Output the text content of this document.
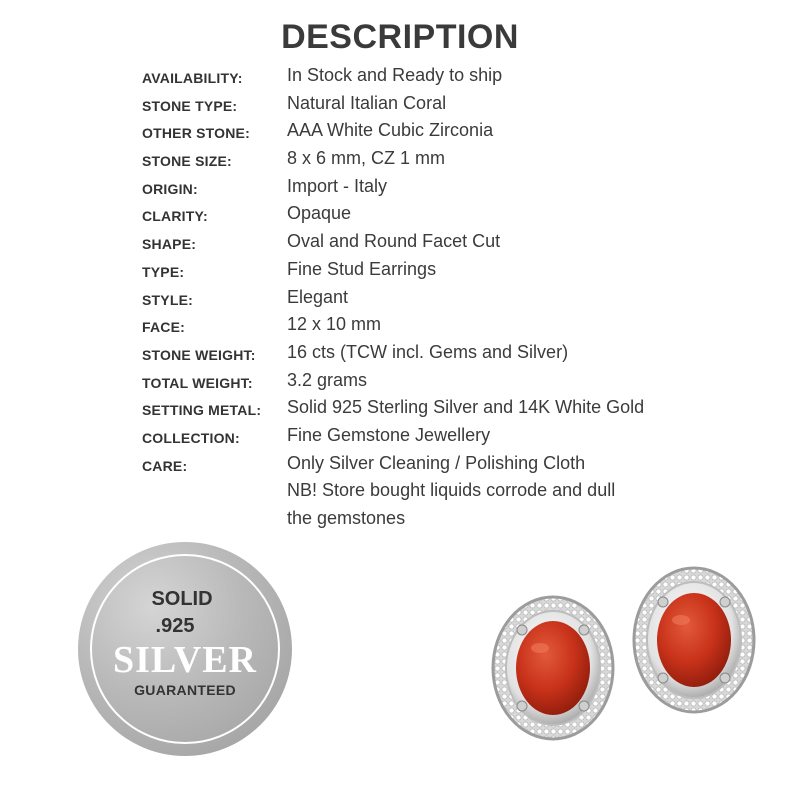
DESCRIPTION
AVAILABILITY: In Stock and Ready to ship
STONE TYPE:	Natural Italian Coral
OTHER STONE: AAA White Cubic Zirconia
STONE SIZE:	8 x 6 mm, CZ 1 mm
ORIGIN:	Import - Italy
CLARITY:	Opaque
SHAPE:	Oval and Round Facet Cut
TYPE:	Fine Stud Earrings
STYLE:	Elegant
FACE:	12 x 10 mm
STONE WEIGHT: 16 cts (TCW incl. Gems and Silver)
TOTAL WEIGHT: 3.2 grams
SETTING METAL: Solid 925 Sterling Silver and 14K White Gold
COLLECTION:	Fine Gemstone Jewellery
CARE:	Only Silver Cleaning / Polishing Cloth
NB! Store bought liquids corrode and dull
the gemstones
SOLID
.925
SILVER
GUARANTEED
